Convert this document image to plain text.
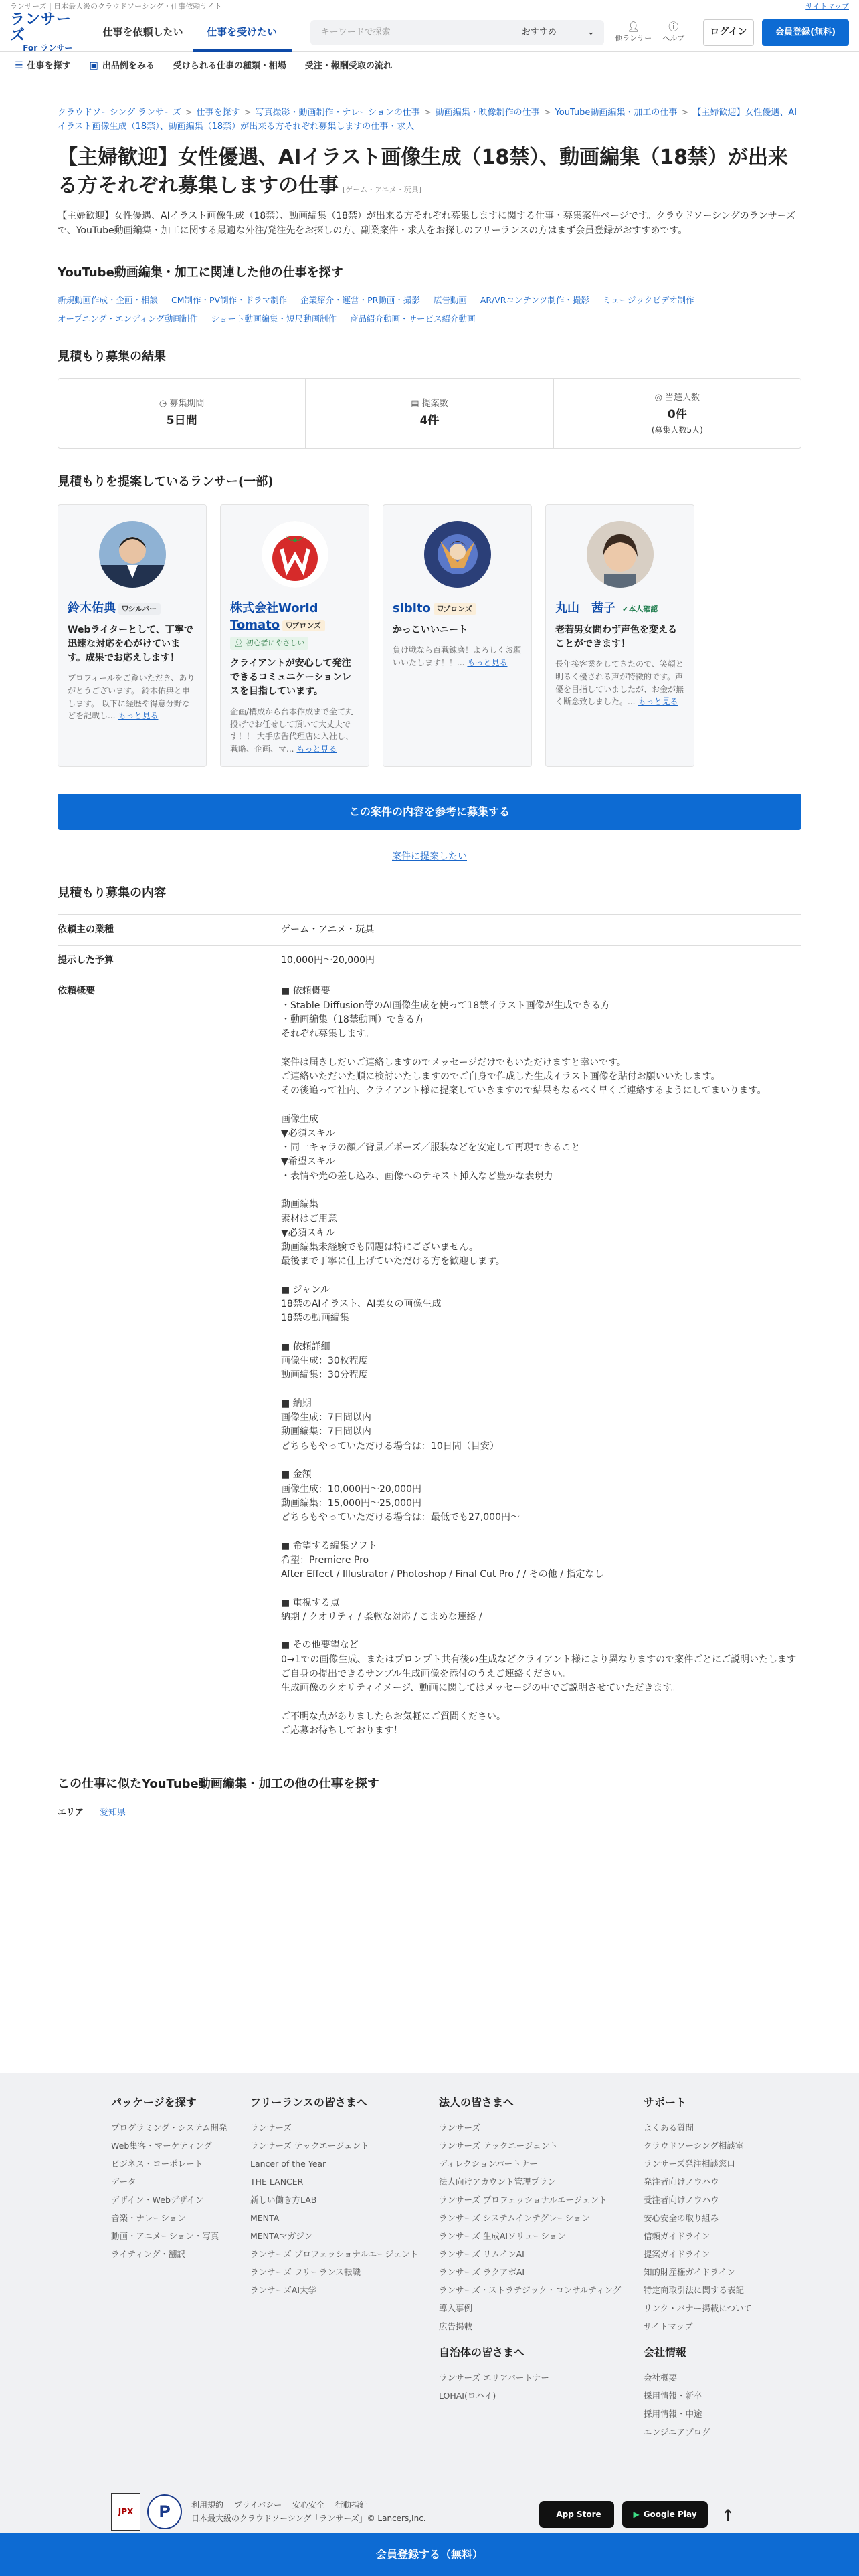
ランサーズ | 日本最大級のクラウドソーシング・仕事依頼サイト	サイトマップ
ランサーズ
For ランサー
仕事を依頼したい	仕事を受けたい	キーワードで探索	おすすめ	⌄	👤︎
他ランサー
ⓘ
ヘルプ
ログイン	会員登録(無料)
☰ 仕事を探す ▣ 出品例をみる 受けられる仕事の種類・相場 受注・報酬受取の流れ
クラウドソーシング ランサーズ > 仕事を探す > 写真撮影・動画制作・ナレーションの仕事 > 動画編集・映像制作の仕事 > YouTube動画編集・加工の仕事 > 【主婦歓迎】女性優遇、AIイラスト画像生成（18禁）、動画編集（18禁）が出来る方それぞれ募集しますの仕事・求人
【主婦歓迎】女性優遇、AIイラスト画像生成（18禁）、動画編集（18禁）が出来る方それぞれ募集しますの仕事 [ゲーム・アニメ・玩具]

【主婦歓迎】女性優遇、AIイラスト画像生成（18禁）、動画編集（18禁）が出来る方それぞれ募集しますに関する仕事・募集案件ページです。クラウドソーシングのランサーズで、YouTube動画編集・加工に関する最適な外注/発注先をお探しの方、副業案件・求人をお探しのフリーランスの方はまず会員登録がおすすめです。

YouTube動画編集・加工に関連した他の仕事を探す
新規動画作成・企画・相談 CM制作・PV制作・ドラマ制作 企業紹介・運営・PR動画・撮影 広告動画 AR/VRコンテンツ制作・撮影 ミュージックビデオ制作
オープニング・エンディング動画制作 ショート動画編集・短尺動画制作 商品紹介動画・サービス紹介動画
見積もり募集の結果
◷ 募集期間
5日間
▤ 提案数
4件
◎ 当選人数
0件
(募集人数5人)
見積もりを提案しているランサー(一部)
鈴木佑典 ⛉ シルバー
Webライターとして、丁寧で迅速な対応を心がけています。成果でお応えします！
プロフィールをご覧いただき、ありがとうございます。 鈴木佑典と申します。 以下に経歴や得意分野などを記載し... もっと見る
株式会社World Tomato ⛉ ブロンズ
👤︎ 初心者にやさしい
クライアントが安心して発注できるコミュニケーションレスを目指しています。
企画/構成から台本作成まで全て丸投げでお任せして頂いて大丈夫です！！ 大手広告代理店に入社し、戦略、企画、マ... もっと見る
sibito ⛉ ブロンズ
かっこいいニート
負け戦なら百戦錬磨！よろしくお願いいたします！！... もっと見る
丸山　茜子 ✔ 本人確認
老若男女問わず声色を変えることができます！
長年接客業をしてきたので、笑顔と明るく優される声が特徴的です。声優を目指していましたが、お金が無く断念致しました。... もっと見る
この案件の内容を参考に募集する
案件に提案したい
見積もり募集の内容
依頼主の業種	ゲーム・アニメ・玩具
提示した予算	10,000円〜20,000円
依頼概要	■ 依頼概要
・Stable Diffusion等のAI画像生成を使って18禁イラスト画像が生成できる方
・動画編集（18禁動画）できる方
それぞれ募集します。

案件は届きしだいご連絡しますのでメッセージだけでもいただけますと幸いです。
ご連絡いただいた順に検討いたしますのでご自身で作成した生成イラスト画像を貼付お願いいたします。
その後追って社内、クライアント様に提案していきますので結果もなるべく早くご連絡するようにしてまいります。

画像生成
▼必須スキル
・同一キャラの顔／背景／ポーズ／服装などを安定して再現できること
▼希望スキル
・表情や光の差し込み、画像へのテキスト挿入など豊かな表現力

動画編集
素材はご用意
▼必須スキル
動画編集未経験でも問題は特にございません。
最後まで丁寧に仕上げていただける方を歓迎します。

■ ジャンル
18禁のAIイラスト、AI美女の画像生成
18禁の動画編集

■ 依頼詳細
画像生成：30枚程度
動画編集：30分程度

■ 納期
画像生成：7日間以内
動画編集：7日間以内
どちらもやっていただける場合は：10日間（目安）

■ 金額
画像生成：10,000円〜20,000円
動画編集：15,000円〜25,000円
どちらもやっていただける場合は：最低でも27,000円〜

■ 希望する編集ソフト
希望：Premiere Pro
After Effect / Illustrator / Photoshop / Final Cut Pro / / その他 / 指定なし

■ 重視する点
納期 / クオリティ / 柔軟な対応 / こまめな連絡 /

■ その他要望など
0→1での画像生成、またはプロンプト共有後の生成などクライアント様により異なりますので案件ごとにご説明いたします
ご自身の提出できるサンプル生成画像を添付のうえご連絡ください。
生成画像のクオリティイメージ、動画に関してはメッセージの中でご説明させていただきます。

ご不明な点がありましたらお気軽にご質問ください。
ご応募お待ちしております！
この仕事に似たYouTube動画編集・加工の他の仕事を探す
エリア 愛知県
パッケージを探す
プログラミング・システム開発
Web集客・マーケティング
ビジネス・コーポレート
データ
デザイン・Webデザイン
音楽・ナレーション
動画・アニメーション・写真
ライティング・翻訳
フリーランスの皆さまへ
ランサーズ
ランサーズ テックエージェント
Lancer of the Year
THE LANCER
新しい働き方LAB
MENTA
MENTAマガジン
ランサーズ プロフェッショナルエージェント
ランサーズ フリーランス転職
ランサーズAI大学
法人の皆さまへ
ランサーズ
ランサーズ テックエージェント
ディレクションパートナー
法人向けアカウント管理プラン
ランサーズ プロフェッショナルエージェント
ランサーズ システムインテグレーション
ランサーズ 生成AIソリューション
ランサーズ リムインAI
ランサーズ ラクアポAI
ランサーズ・ストラテジック・コンサルティング
導入事例
広告掲載
自治体の皆さまへ
ランサーズ エリアパートナー
LOHAI(ロハイ)
サポート
よくある質問
クラウドソーシング相談室
ランサーズ発注相談窓口
発注者向けノウハウ
受注者向けノウハウ
安心安全の取り組み
信頼ガイドライン
提案ガイドライン
知的財産権ガイドライン
特定商取引法に関する表記
リンク・バナー掲載について
サイトマップ
会社情報
会社概要
採用情報・新卒
採用情報・中途
エンジニアブログ
JPX	P	利用規約 プライバシー 安心安全 行動指針
日本最大級のクラウドソーシング「ランサーズ」© Lancers,Inc.	App Store	▶ Google Play ↑
会員登録する（無料）
